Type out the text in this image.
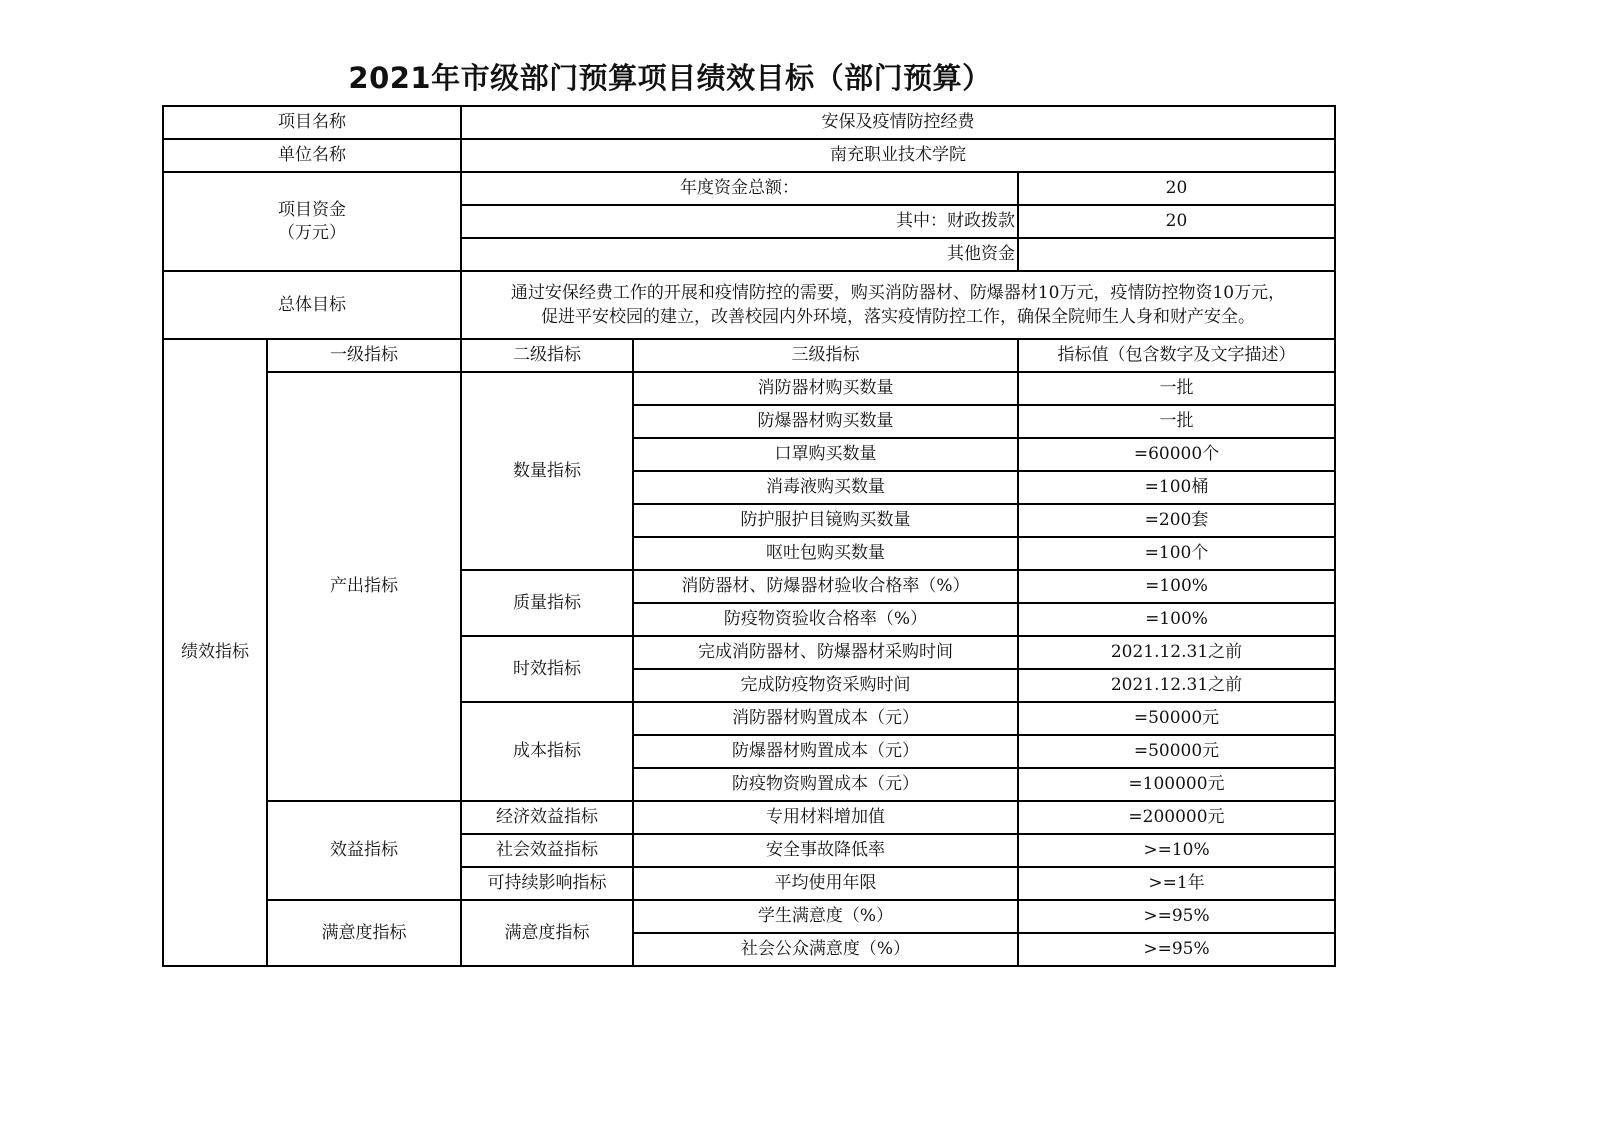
2021年市级部门预算项目绩效目标（部门预算）
项目名称		安保及疫情防控经费		
单位名称		南充职业技术学院		

项目资金
（万元）		年度资金总额：		20
		其中：财政拨款		20
		其他资金		
总体目标		通过安保经费工作的开展和疫情防控的需要，购买消防器材、防爆器材10万元，疫情防控物资10万元，
促进平安校园的建立，改善校园内外环境，落实疫情防控工作，确保全院师生人身和财产安全。		

绩效指标	一级指标	二级指标	三级指标	指标值（包含数字及文字描述）
	产出指标	数量指标	消防器材购买数量	一批
			防爆器材购买数量	一批
			口罩购买数量	=60000个
			消毒液购买数量	=100桶
			防护服护目镜购买数量	=200套
			呕吐包购买数量	=100个
		质量指标	消防器材、防爆器材验收合格率（%）	=100%
			防疫物资验收合格率（%）	=100%
		时效指标	完成消防器材、防爆器材采购时间	2021.12.31之前
			完成防疫物资采购时间	2021.12.31之前
		成本指标	消防器材购置成本（元）	=50000元
			防爆器材购置成本（元）	=50000元
			防疫物资购置成本（元）	=100000元
	效益指标	经济效益指标	专用材料增加值	=200000元
		社会效益指标	安全事故降低率	>=10%
		可持续影响指标	平均使用年限	>=1年
	满意度指标	满意度指标	学生满意度（%）	>=95%
			社会公众满意度（%）	>=95%
